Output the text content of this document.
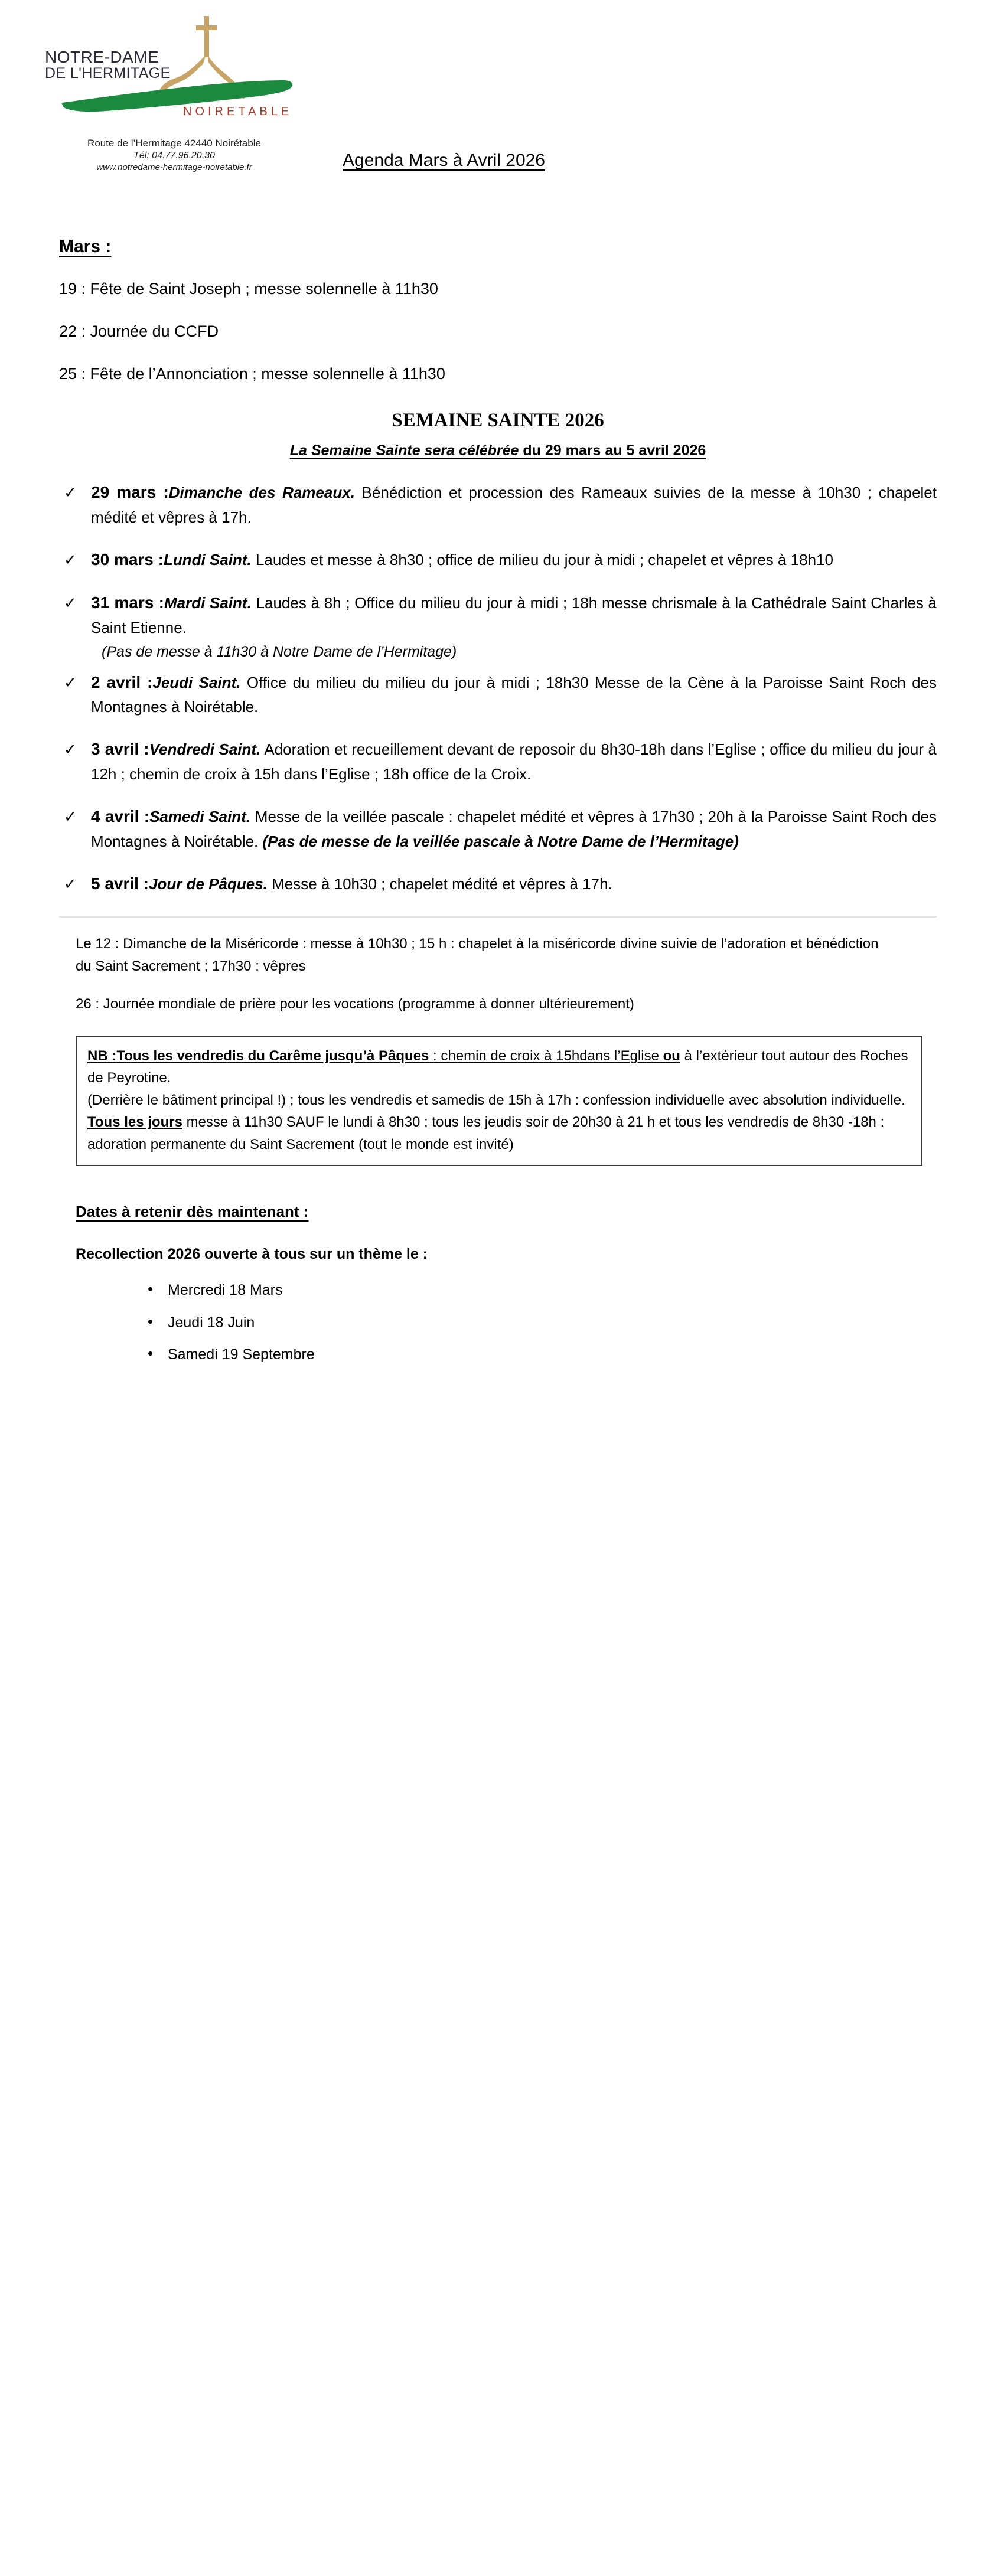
NOTRE-DAME
DE L'HERMITAGE
NOIRETABLE
Route de l’Hermitage 42440 Noirétable
Tél: 04.77.96.20.30
www.notredame-hermitage-noiretable.fr	Agenda Mars à Avril 2026
Mars :
19 : Fête de Saint Joseph ; messe solennelle à 11h30
22 : Journée du CCFD
25 : Fête de l’Annonciation ; messe solennelle à 11h30
SEMAINE SAINTE 2026
La Semaine Sainte sera célébrée du 29 mars au 5 avril 2026
✓ 29 mars :Dimanche des Rameaux. Bénédiction et procession des Rameaux suivies de la messe à 10h30 ; chapelet médité et vêpres à 17h.
✓ 30 mars :Lundi Saint. Laudes et messe à 8h30 ; office de milieu du jour à midi ; chapelet et vêpres à 18h10
✓ 31 mars :Mardi Saint. Laudes à 8h ; Office du milieu du jour à midi ; 18h messe chrismale à la Cathédrale Saint Charles à Saint Etienne.
(Pas de messe à 11h30 à Notre Dame de l’Hermitage)
✓ 2 avril :Jeudi Saint. Office du milieu du milieu du jour à midi ; 18h30 Messe de la Cène à la Paroisse Saint Roch des Montagnes à Noirétable.
✓ 3 avril :Vendredi Saint. Adoration et recueillement devant de reposoir du 8h30-18h dans l’Eglise ; office du milieu du jour à 12h ; chemin de croix à 15h dans l’Eglise ; 18h office de la Croix.
✓ 4 avril :Samedi Saint. Messe de la veillée pascale : chapelet médité et vêpres à 17h30 ; 20h à la Paroisse Saint Roch des Montagnes à Noirétable. (Pas de messe de la veillée pascale à Notre Dame de l’Hermitage)
✓ 5 avril :Jour de Pâques. Messe à 10h30 ; chapelet médité et vêpres à 17h.
Le 12 : Dimanche de la Miséricorde : messe à 10h30 ; 15 h : chapelet à la miséricorde divine suivie de l’adoration et bénédiction du Saint Sacrement ; 17h30 : vêpres
26 : Journée mondiale de prière pour les vocations (programme à donner ultérieurement)
NB :Tous les vendredis du Carême jusqu’à Pâques : chemin de croix à 15hdans l’Eglise ou à l’extérieur tout autour des Roches de Peyrotine.
(Derrière le bâtiment principal !) ; tous les vendredis et samedis de 15h à 17h : confession individuelle avec absolution individuelle.
Tous les jours messe à 11h30 SAUF le lundi à 8h30 ; tous les jeudis soir de 20h30 à 21 h et tous les vendredis de 8h30 -18h : adoration permanente du Saint Sacrement (tout le monde est invité)
Dates à retenir dès maintenant :
Recollection 2026 ouverte à tous sur un thème le :
• Mercredi 18 Mars
• Jeudi 18 Juin
• Samedi 19 Septembre
